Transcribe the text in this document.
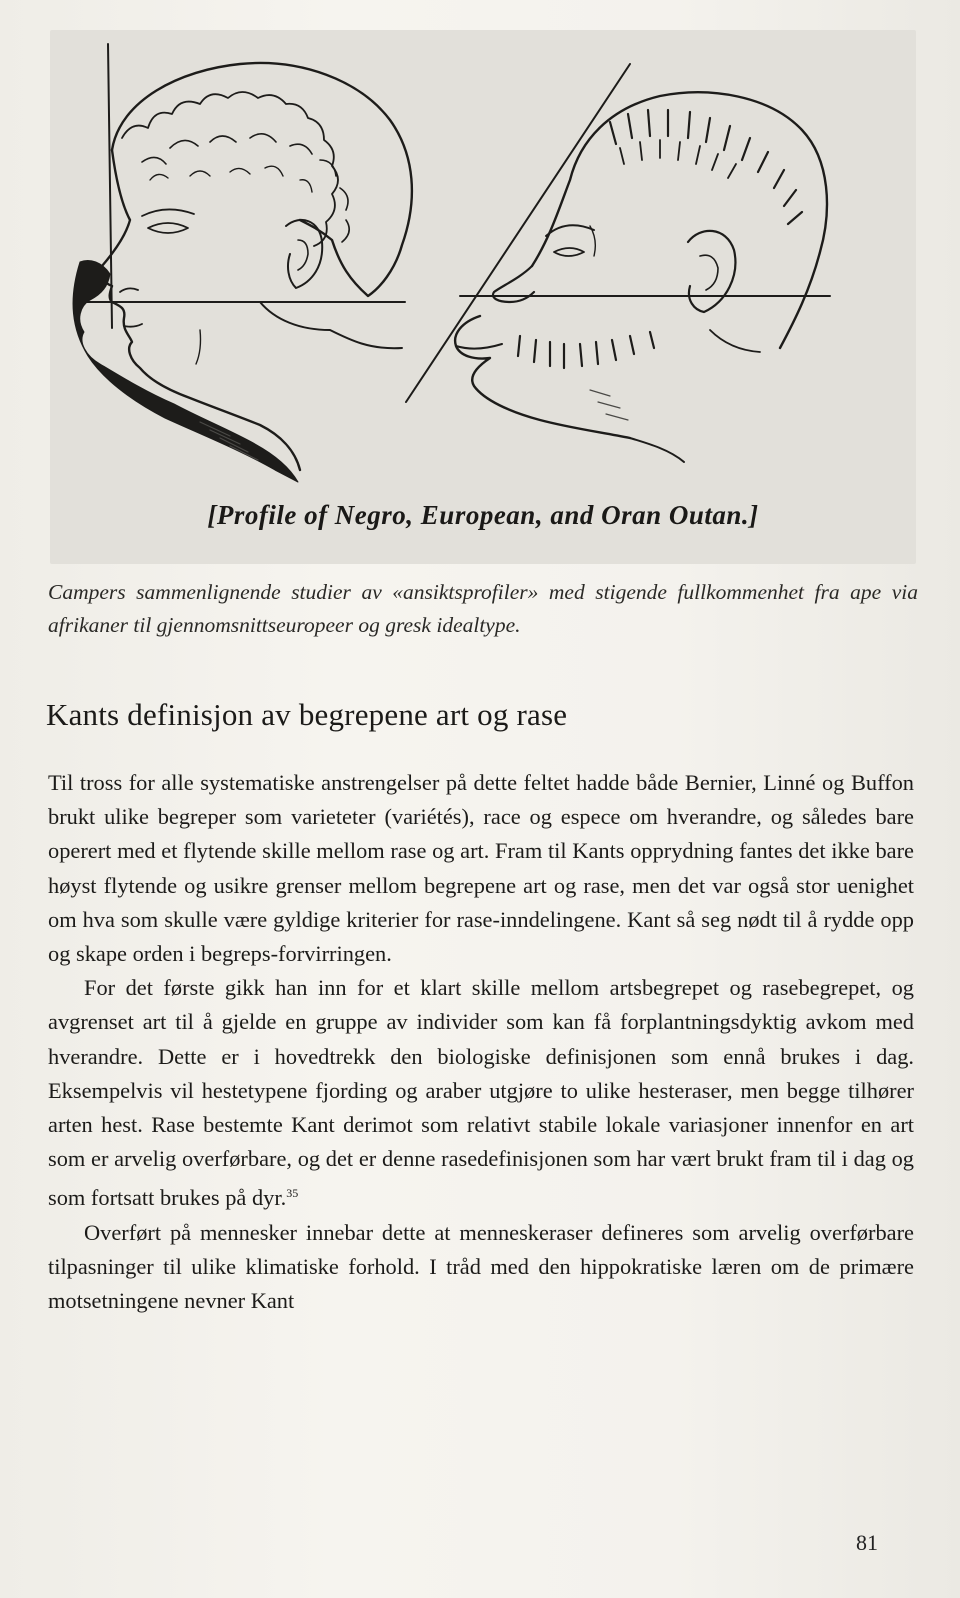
[Profile of Negro, European, and Oran Outan.]

Campers sammenlignende studier av «ansiktsprofiler» med stigende fullkommenhet fra ape via afrikaner til gjennomsnittseuropeer og gresk idealtype.

Kants definisjon av begrepene art og rase

Til tross for alle systematiske anstrengelser på dette feltet hadde både Bernier, Linné og Buffon brukt ulike begreper som varieteter (variétés), race og espece om hverandre, og således bare operert med et flytende skille mellom rase og art. Fram til Kants opprydning fantes det ikke bare høyst flytende og usikre grenser mellom begrepene art og rase, men det var også stor uenighet om hva som skulle være gyldige kriterier for rase-inndelingene. Kant så seg nødt til å rydde opp og skape orden i begreps-forvirringen.

For det første gikk han inn for et klart skille mellom artsbegrepet og rasebegrepet, og avgrenset art til å gjelde en gruppe av individer som kan få forplantningsdyktig avkom med hverandre. Dette er i hovedtrekk den biologiske definisjonen som ennå brukes i dag. Eksempelvis vil hestetypene fjording og araber utgjøre to ulike hesteraser, men begge tilhører arten hest. Rase bestemte Kant derimot som relativt stabile lokale variasjoner innenfor en art som er arvelig overførbare, og det er denne rasedefinisjonen som har vært brukt fram til i dag og som fortsatt brukes på dyr.$^{35}$

Overført på mennesker innebar dette at menneskeraser defineres som arvelig overførbare tilpasninger til ulike klimatiske forhold. I tråd med den hippokratiske læren om de primære motsetningene nevner Kant

81
